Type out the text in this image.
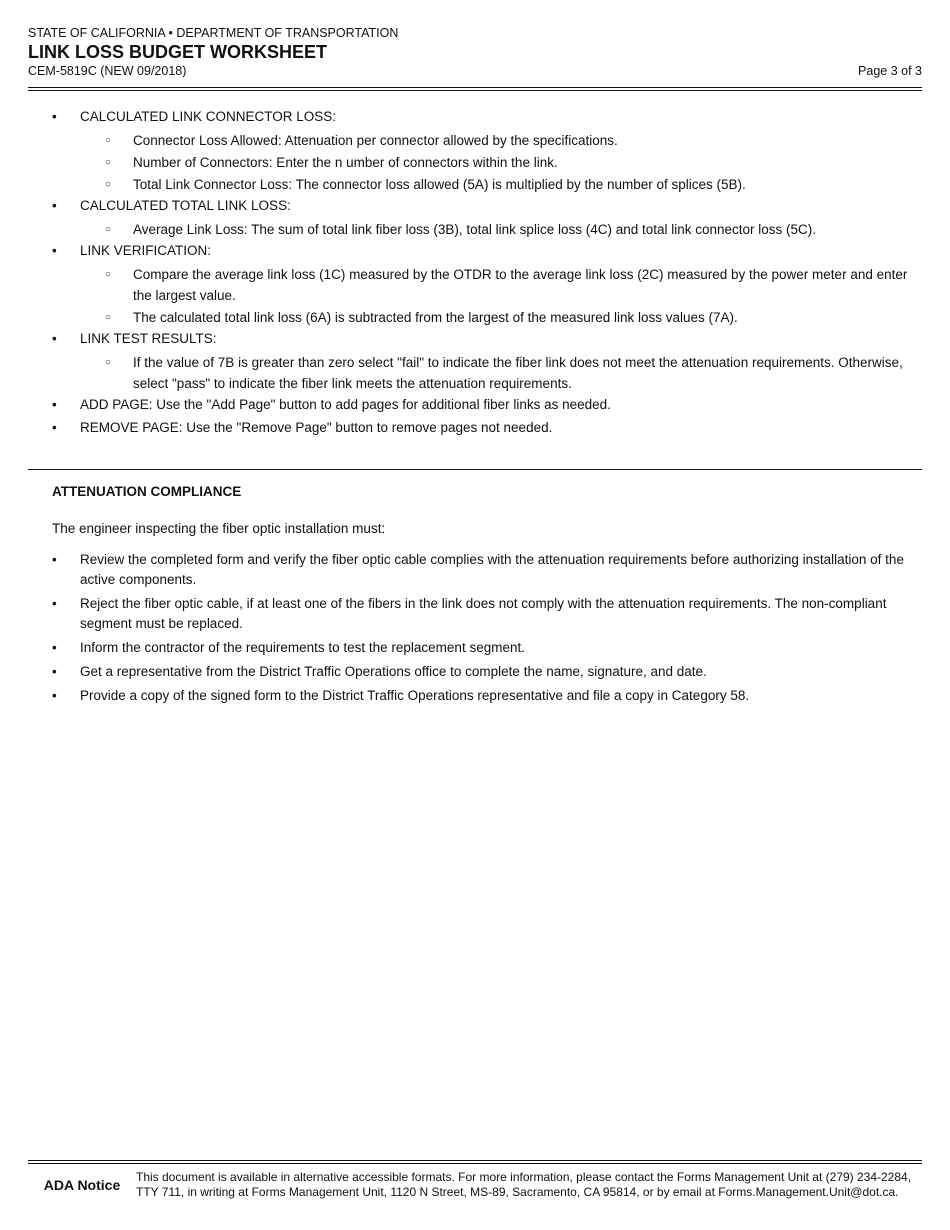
STATE OF CALIFORNIA • DEPARTMENT OF TRANSPORTATION
LINK LOSS BUDGET WORKSHEET
CEM-5819C (NEW 09/2018)	Page 3 of 3
• CALCULATED LINK CONNECTOR LOSS:
○ Connector Loss Allowed: Attenuation per connector allowed by the specifications.
○ Number of Connectors: Enter the n umber of connectors within the link.
○ Total Link Connector Loss: The connector loss allowed (5A) is multiplied by the number of splices (5B).
• CALCULATED TOTAL LINK LOSS:
○ Average Link Loss: The sum of total link fiber loss (3B), total link splice loss (4C) and total link connector loss (5C).
• LINK VERIFICATION:
○ Compare the average link loss (1C) measured by the OTDR to the average link loss (2C) measured by the power meter and enter the largest value.
○ The calculated total link loss (6A) is subtracted from the largest of the measured link loss values (7A).
• LINK TEST RESULTS:
○ If the value of 7B is greater than zero select "fail" to indicate the fiber link does not meet the attenuation requirements. Otherwise, select "pass" to indicate the fiber link meets the attenuation requirements.
• ADD PAGE: Use the "Add Page" button to add pages for additional fiber links as needed.
• REMOVE PAGE: Use the "Remove Page" button to remove pages not needed.
ATTENUATION COMPLIANCE
The engineer inspecting the fiber optic installation must:
• Review the completed form and verify the fiber optic cable complies with the attenuation requirements before authorizing installation of the active components.
• Reject the fiber optic cable, if at least one of the fibers in the link does not comply with the attenuation requirements. The non-compliant segment must be replaced.
• Inform the contractor of the requirements to test the replacement segment.
• Get a representative from the District Traffic Operations office to complete the name, signature, and date.
• Provide a copy of the signed form to the District Traffic Operations representative and file a copy in Category 58.
ADA Notice	This document is available in alternative accessible formats. For more information, please contact the Forms Management Unit at (279) 234-2284, TTY 711, in writing at Forms Management Unit, 1120 N Street, MS-89, Sacramento, CA 95814, or by email at Forms.Management.Unit@dot.ca.
